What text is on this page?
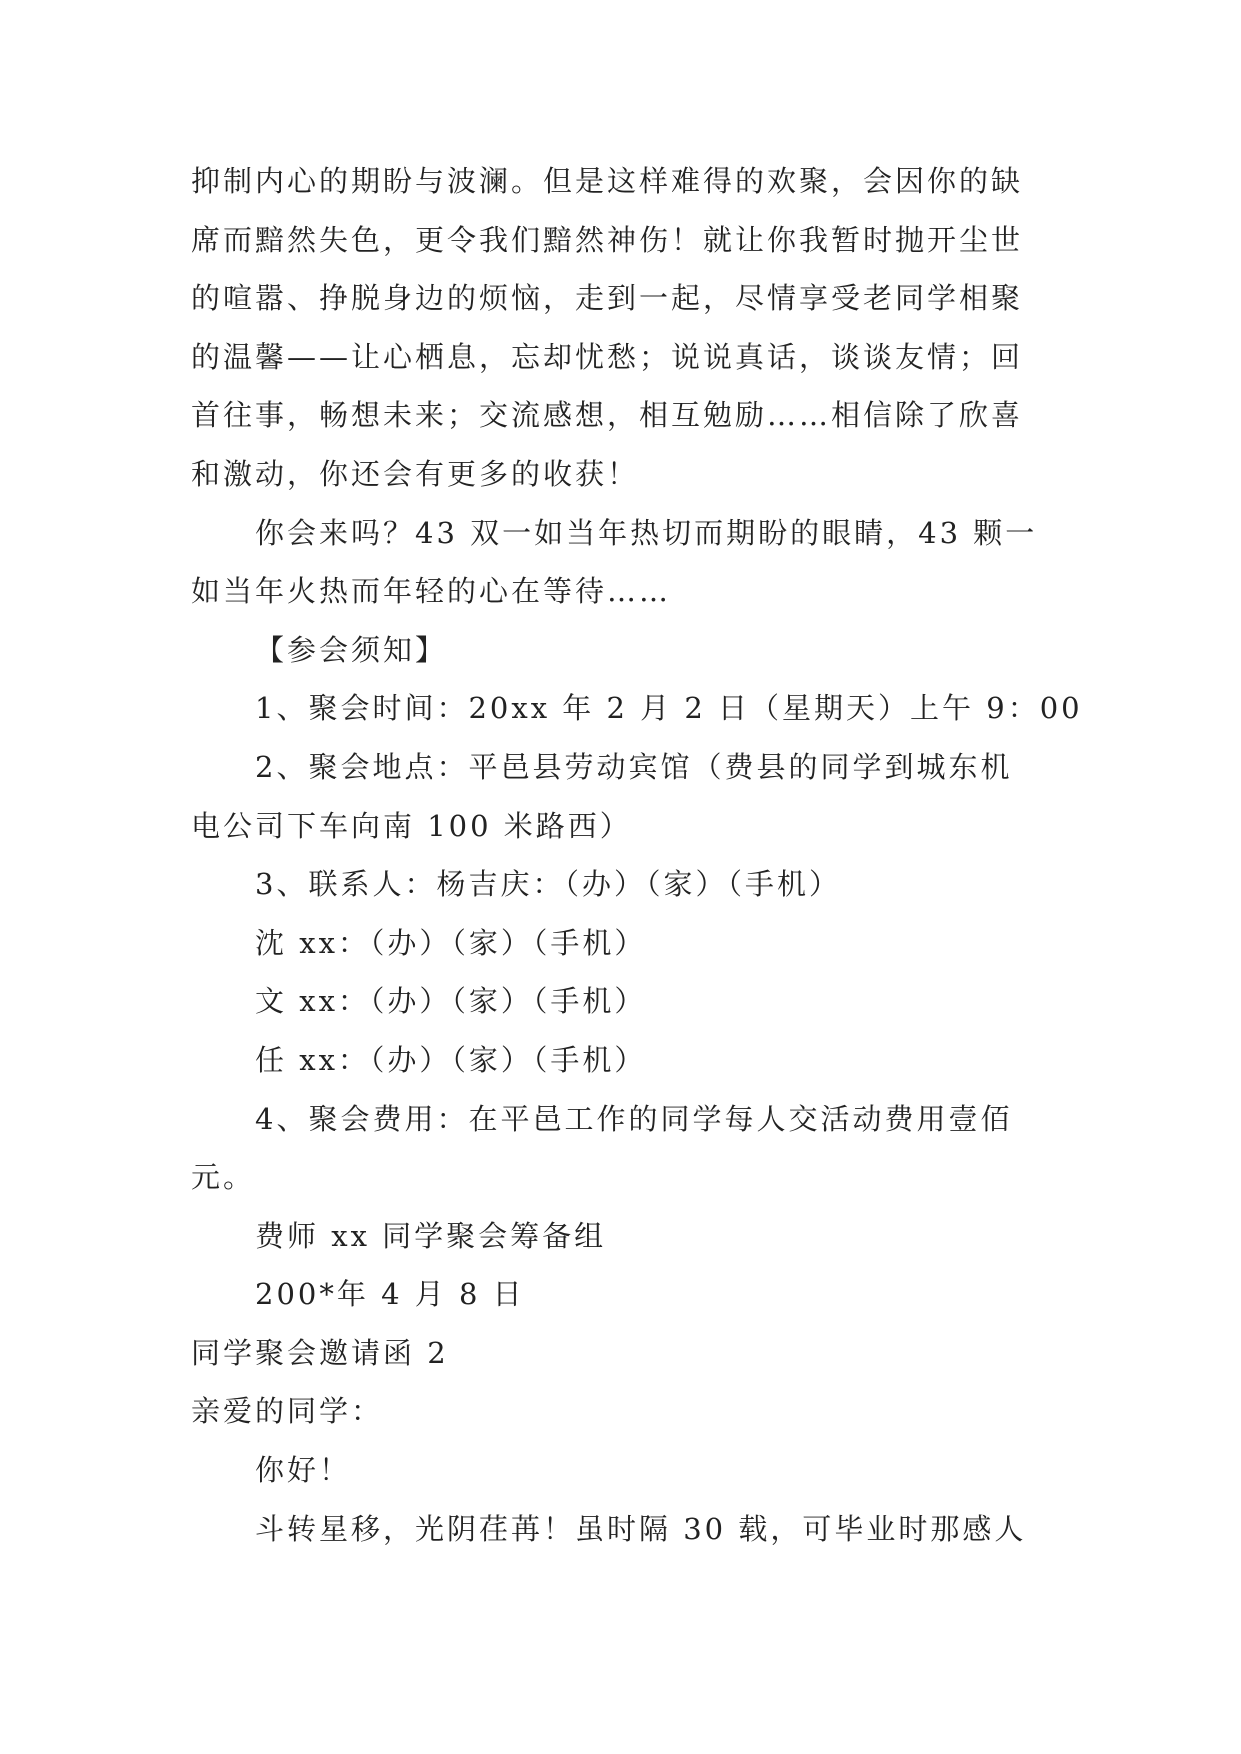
抑制内心的期盼与波澜。但是这样难得的欢聚，会因你的缺
席而黯然失色，更令我们黯然神伤！就让你我暂时抛开尘世
的喧嚣、挣脱身边的烦恼，走到一起，尽情享受老同学相聚
的温馨——让心栖息，忘却忧愁；说说真话，谈谈友情；回
首往事，畅想未来；交流感想，相互勉励……相信除了欣喜
和激动，你还会有更多的收获！
你会来吗？43 双一如当年热切而期盼的眼睛，43 颗一
如当年火热而年轻的心在等待……
【参会须知】
1、聚会时间：20xx 年 2 月 2 日（星期天）上午 9：00
2、聚会地点：平邑县劳动宾馆（费县的同学到城东机
电公司下车向南 100 米路西）
3、联系人：杨吉庆：（办）（家）（手机）
沈 xx：（办）（家）（手机）
文 xx：（办）（家）（手机）
任 xx：（办）（家）（手机）
4、聚会费用：在平邑工作的同学每人交活动费用壹佰
元。
费师 xx 同学聚会筹备组
200*年 4 月 8 日
同学聚会邀请函 2
亲爱的同学：
你好！
斗转星移，光阴荏苒！虽时隔 30 载，可毕业时那感人
